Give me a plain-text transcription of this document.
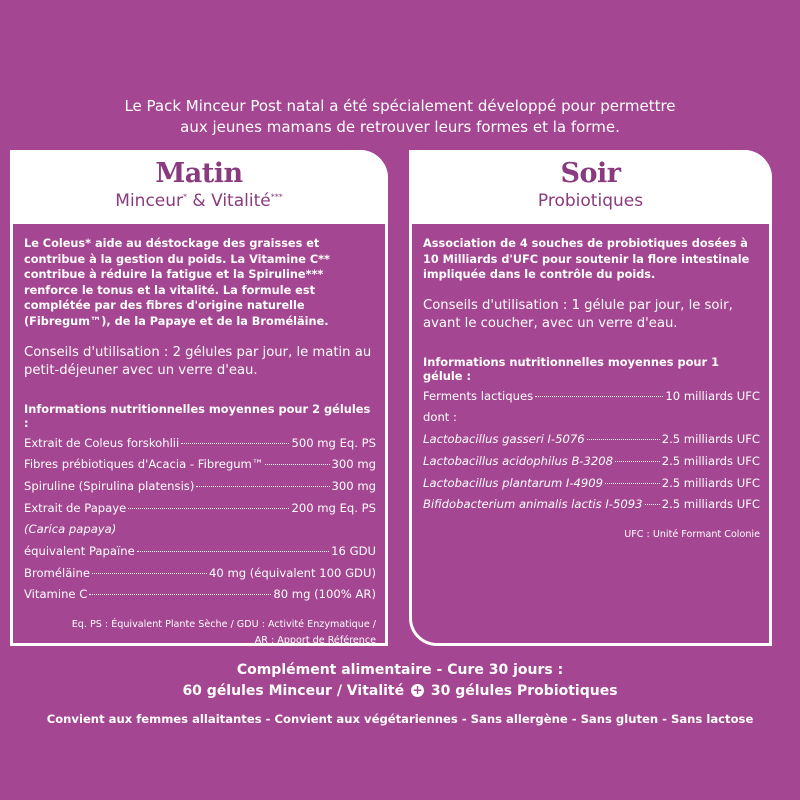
Le Pack Minceur Post natal a été spécialement développé pour permettre
aux jeunes mamans de retrouver leurs formes et la forme.
Matin
Minceur* & Vitalité***
Le Coleus* aide au déstockage des graisses et contribue à la gestion du poids. La Vitamine C** contribue à réduire la fatigue et la Spiruline*** renforce le tonus et la vitalité. La formule est complétée par des fibres d'origine naturelle (Fibregum™), de la Papaye et de la Broméläine.
Conseils d'utilisation : 2 gélules par jour, le matin au petit-déjeuner avec un verre d'eau.
Informations nutritionnelles moyennes pour 2 gélules :
Extrait de Coleus forskohlii	500 mg Eq. PS
Fibres prébiotiques d'Acacia - Fibregum™	300 mg
Spiruline (Spirulina platensis)	300 mg
Extrait de Papaye	200 mg Eq. PS
(Carica papaya)
équivalent Papaïne	16 GDU
Broméläine	40 mg (équivalent 100 GDU)
Vitamine C	80 mg (100% AR)
Eq. PS : Équivalent Plante Sèche / GDU : Activité Enzymatique /
AR : Apport de Référence
Soir
Probiotiques
Association de 4 souches de probiotiques dosées à 10 Milliards d'UFC pour soutenir la flore intestinale impliquée dans le contrôle du poids.
Conseils d'utilisation : 1 gélule par jour, le soir, avant le coucher, avec un verre d'eau.
Informations nutritionnelles moyennes pour 1 gélule :
Ferments lactiques	10 milliards UFC
dont :
Lactobacillus gasseri I-5076	2.5 milliards UFC
Lactobacillus acidophilus B-3208	2.5 milliards UFC
Lactobacillus plantarum I-4909	2.5 milliards UFC
Bifidobacterium animalis lactis I-5093 2.5 milliards UFC
UFC : Unité Formant Colonie
Complément alimentaire - Cure 30 jours :
60 gélules Minceur / Vitalité + 30 gélules Probiotiques
Convient aux femmes allaitantes - Convient aux végétariennes - Sans allergène - Sans gluten - Sans lactose
